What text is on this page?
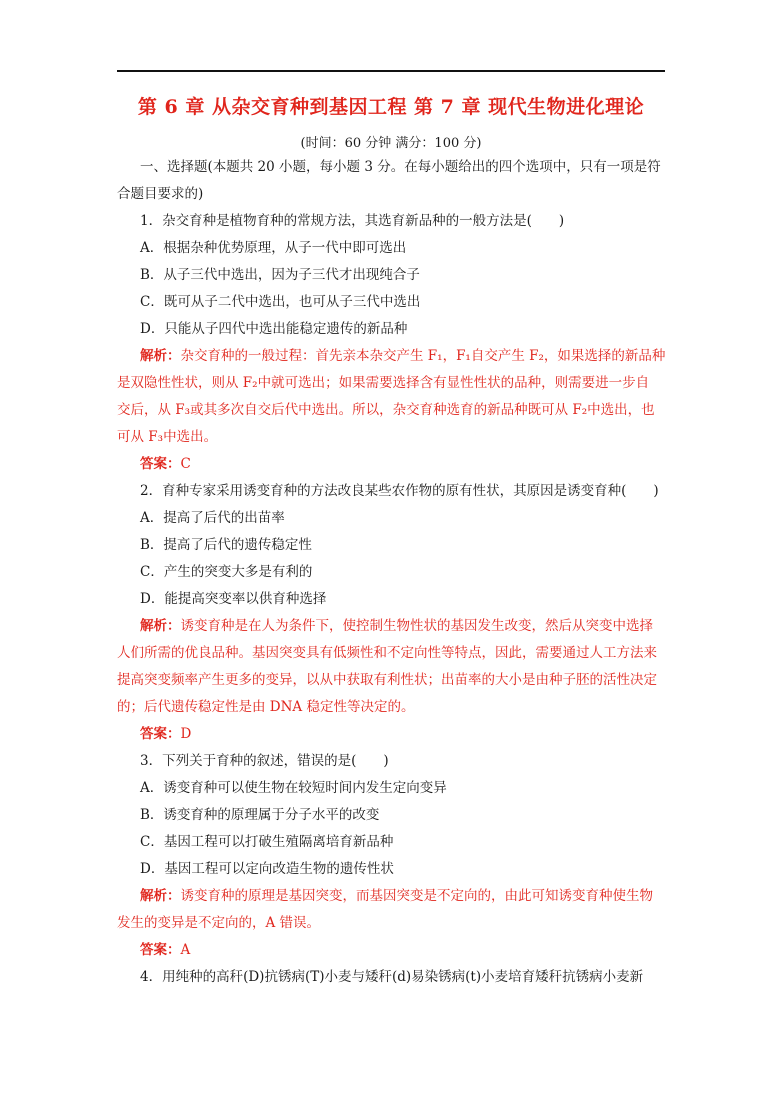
第 6 章 从杂交育种到基因工程 第 7 章 现代生物进化理论
(时间：60 分钟 满分：100 分)
一、选择题(本题共 20 小题，每小题 3 分。在每小题给出的四个选项中，只有一项是符
合题目要求的)
1．杂交育种是植物育种的常规方法，其选育新品种的一般方法是(　　)
A．根据杂种优势原理，从子一代中即可选出
B．从子三代中选出，因为子三代才出现纯合子
C．既可从子二代中选出，也可从子三代中选出
D．只能从子四代中选出能稳定遗传的新品种
解析：杂交育种的一般过程：首先亲本杂交产生 F₁，F₁自交产生 F₂，如果选择的新品种
是双隐性性状，则从 F₂中就可选出；如果需要选择含有显性性状的品种，则需要进一步自
交后，从 F₃或其多次自交后代中选出。所以，杂交育种选育的新品种既可从 F₂中选出，也
可从 F₃中选出。
答案：C
2．育种专家采用诱变育种的方法改良某些农作物的原有性状，其原因是诱变育种(　　)
A．提高了后代的出苗率
B．提高了后代的遗传稳定性
C．产生的突变大多是有利的
D．能提高突变率以供育种选择
解析：诱变育种是在人为条件下，使控制生物性状的基因发生改变，然后从突变中选择
人们所需的优良品种。基因突变具有低频性和不定向性等特点，因此，需要通过人工方法来
提高突变频率产生更多的变异，以从中获取有利性状；出苗率的大小是由种子胚的活性决定
的；后代遗传稳定性是由 DNA 稳定性等决定的。
答案：D
3．下列关于育种的叙述，错误的是(　　)
A．诱变育种可以使生物在较短时间内发生定向变异
B．诱变育种的原理属于分子水平的改变
C．基因工程可以打破生殖隔离培育新品种
D．基因工程可以定向改造生物的遗传性状
解析：诱变育种的原理是基因突变，而基因突变是不定向的，由此可知诱变育种使生物
发生的变异是不定向的，A 错误。
答案：A
4．用纯种的高秆(D)抗锈病(T)小麦与矮秆(d)易染锈病(t)小麦培育矮秆抗锈病小麦新
